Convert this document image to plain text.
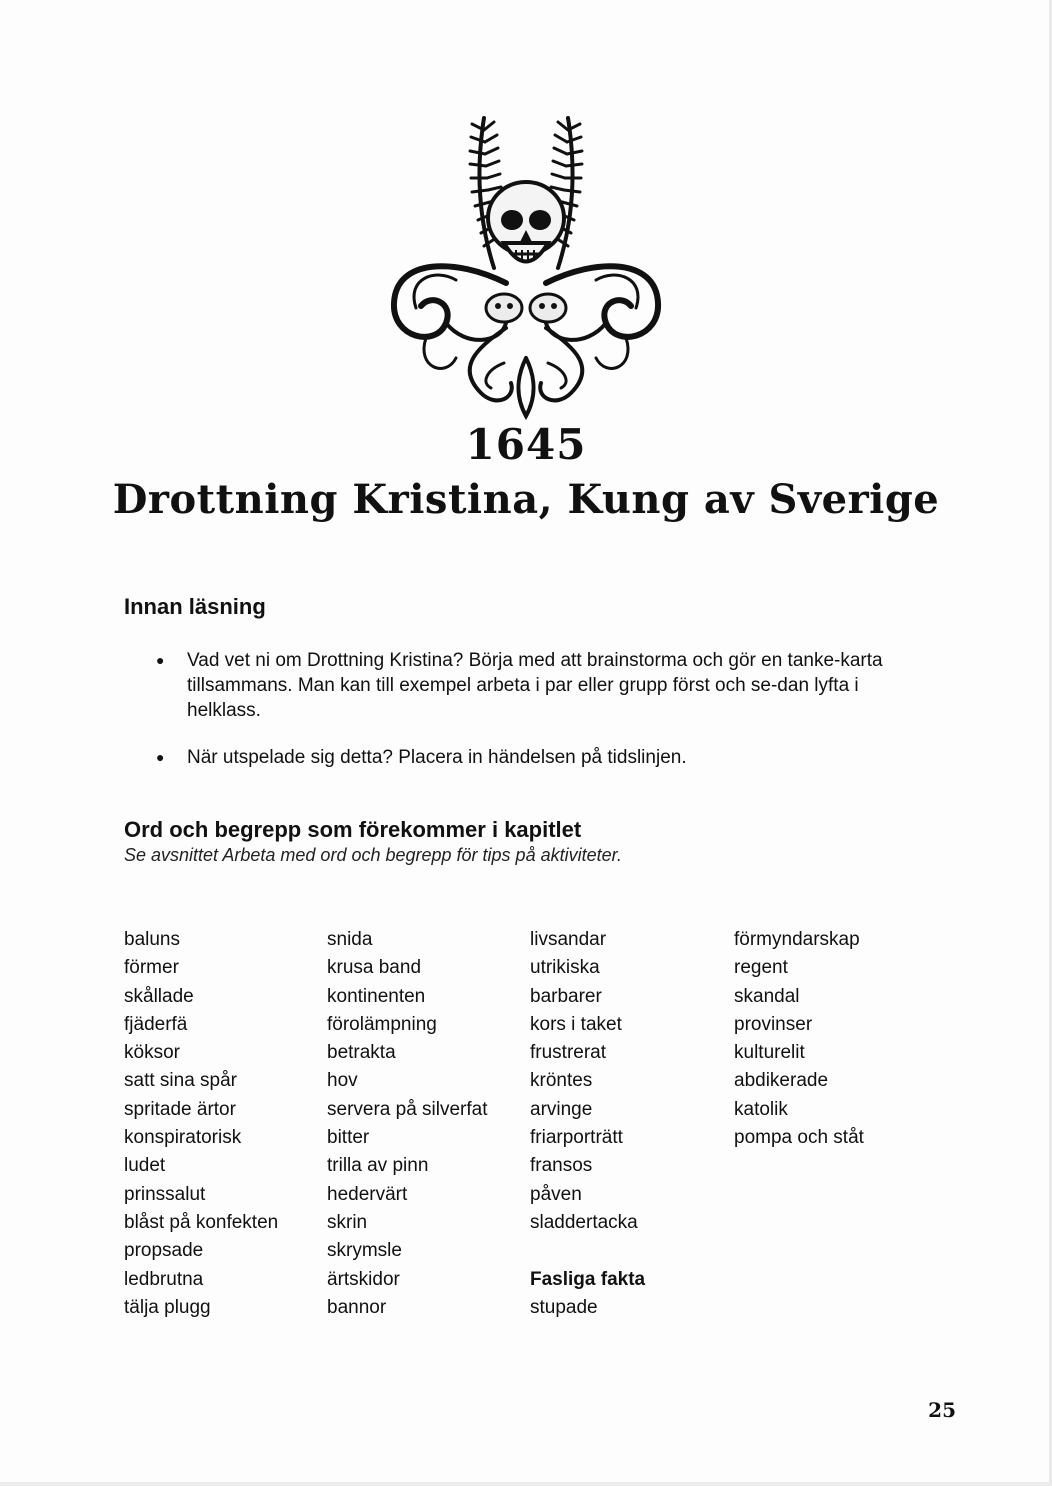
1645
Drottning Kristina, Kung av Sverige
Innan läsning
● Vad vet ni om Drottning Kristina? Börja med att brainstorma och gör en tanke-karta tillsammans. Man kan till exempel arbeta i par eller grupp först och se-dan lyfta i helklass.
● När utspelade sig detta? Placera in händelsen på tidslinjen.
Ord och begrepp som förekommer i kapitlet
Se avsnittet Arbeta med ord och begrepp för tips på aktiviteter.
baluns
förmer
skållade
fjäderfä
köksor
satt sina spår
spritade ärtor
konspiratorisk
ludet
prinssalut
blåst på konfekten
propsade
ledbrutna
tälja plugg
snida
krusa band
kontinenten
förolämpning
betrakta
hov
servera på silverfat
bitter
trilla av pinn
hedervärt
skrin
skrymsle
ärtskidor
bannor
livsandar
utrikiska
barbarer
kors i taket
frustrerat
kröntes
arvinge
friarporträtt
fransos
påven
sladdertacka
Fasliga fakta
stupade
förmyndarskap
regent
skandal
provinser
kulturelit
abdikerade
katolik
pompa och ståt
25
